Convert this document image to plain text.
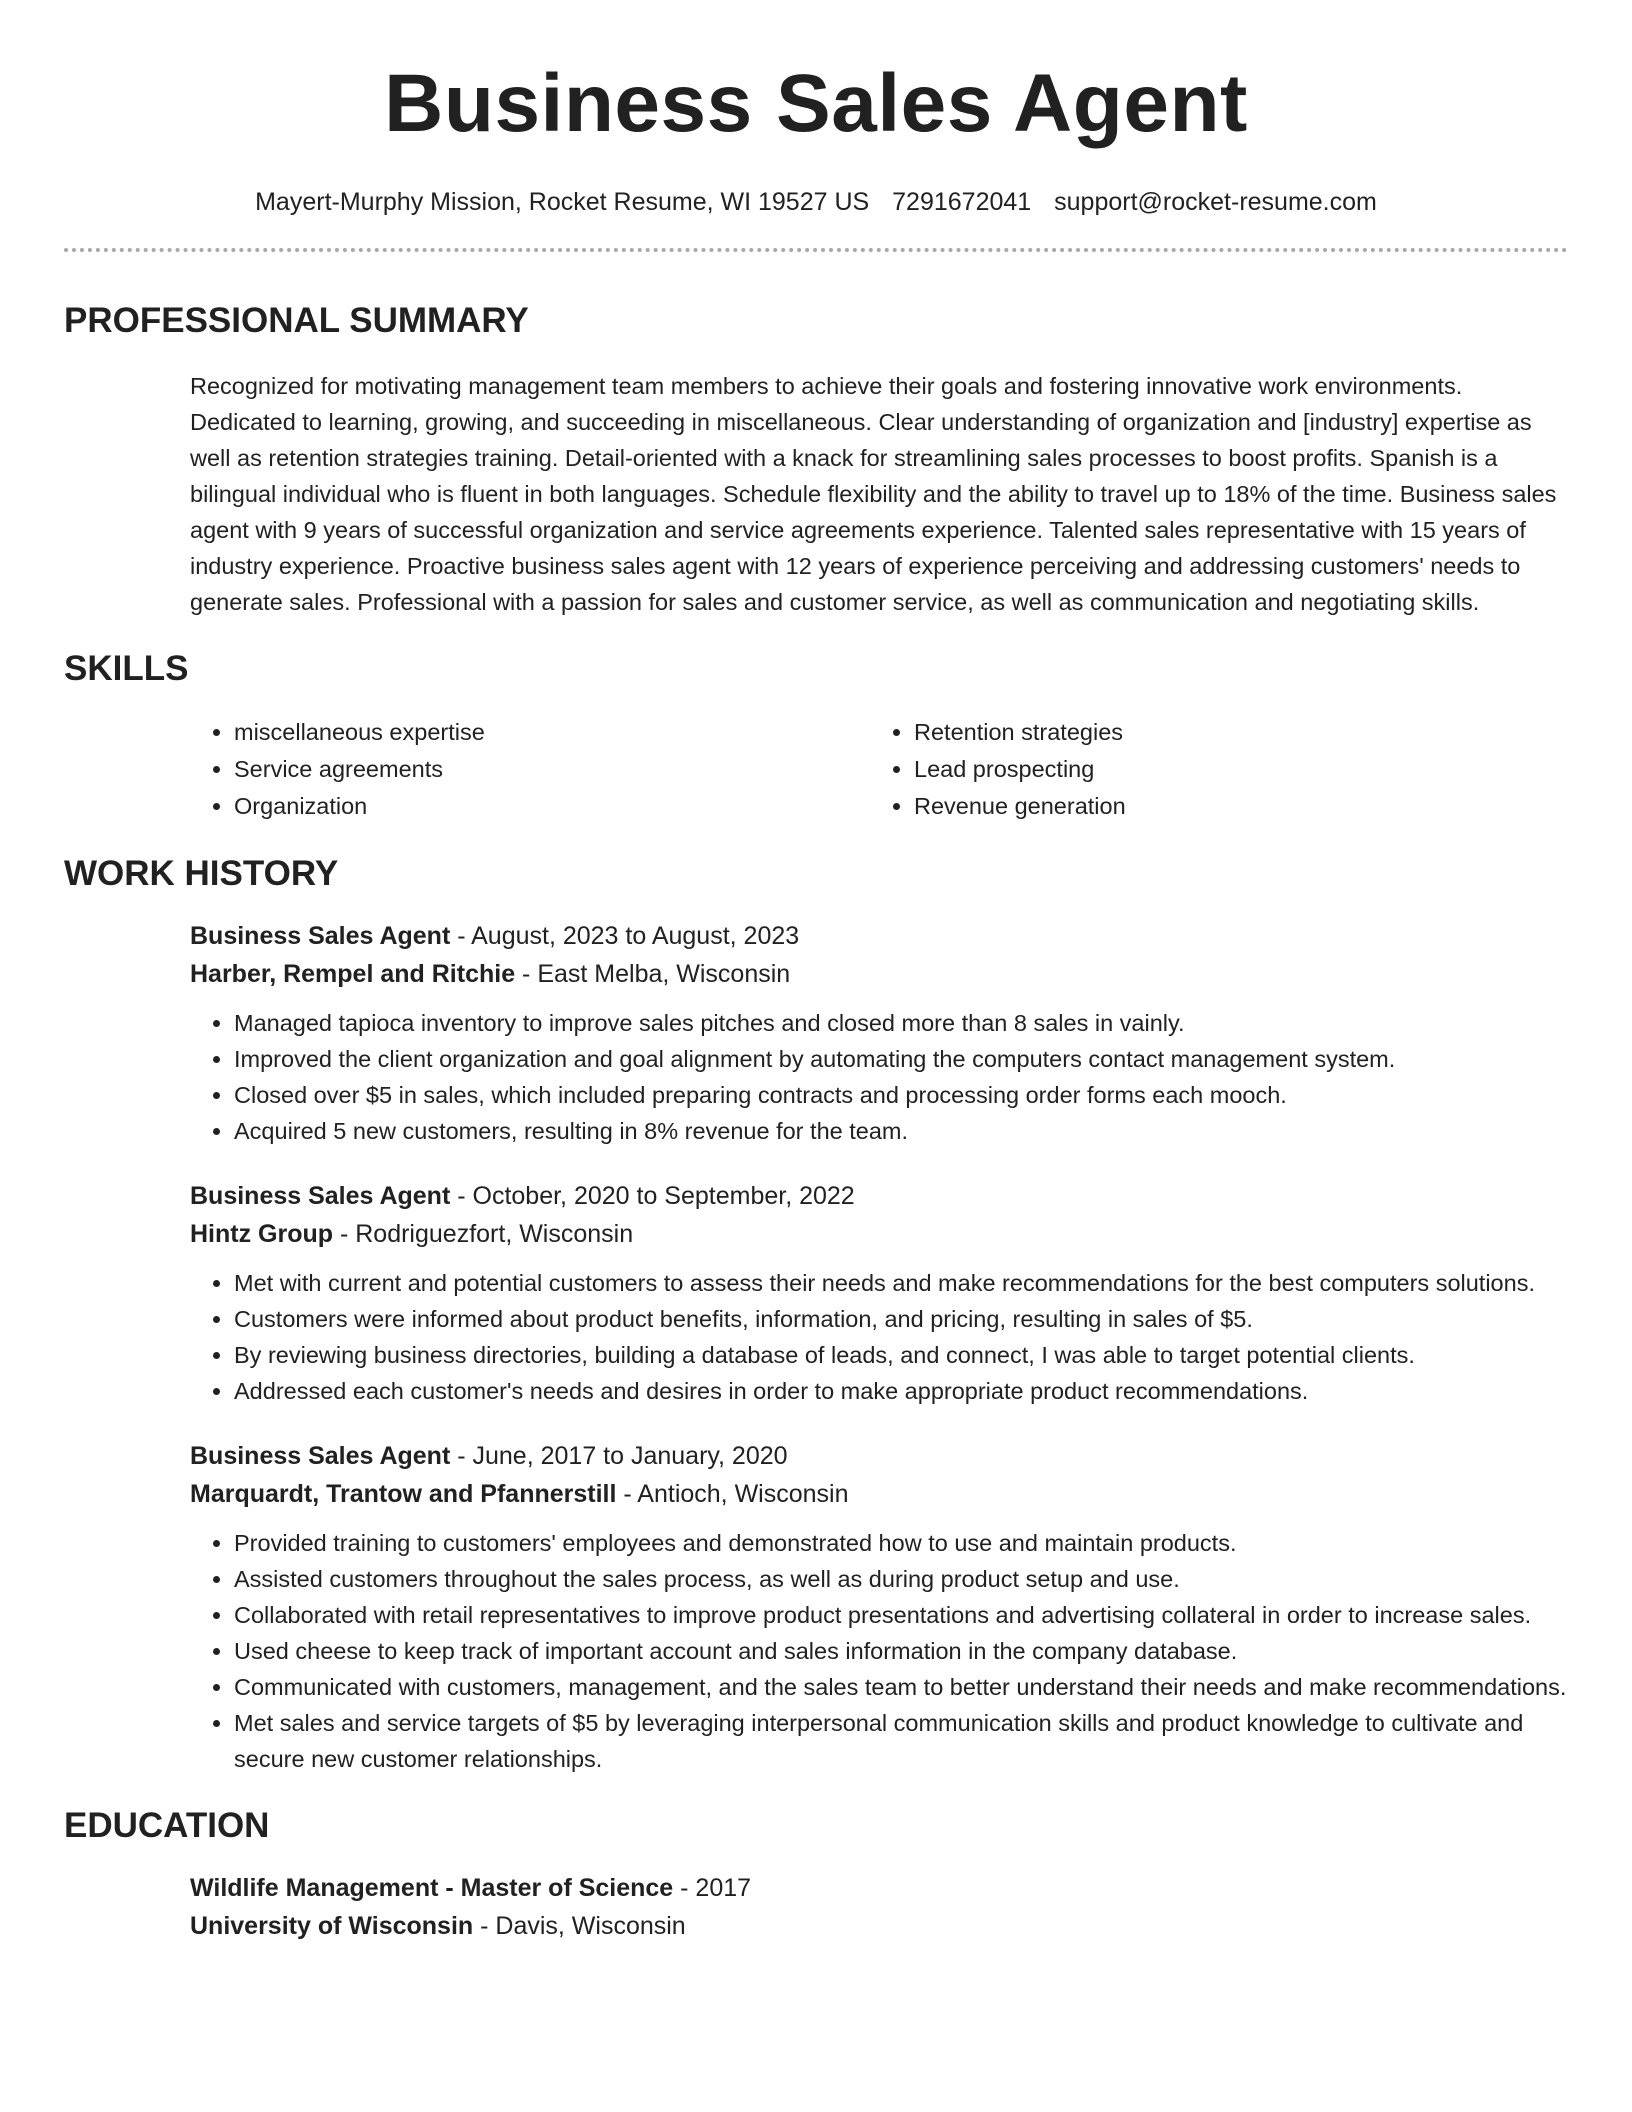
Business Sales Agent
Mayert-Murphy Mission, Rocket Resume, WI 19527 US 7291672041 support@rocket-resume.com
PROFESSIONAL SUMMARY
Recognized for motivating management team members to achieve their goals and fostering innovative work environments. Dedicated to learning, growing, and succeeding in miscellaneous. Clear understanding of organization and [industry] expertise as well as retention strategies training. Detail-oriented with a knack for streamlining sales processes to boost profits. Spanish is a bilingual individual who is fluent in both languages. Schedule flexibility and the ability to travel up to 18% of the time. Business sales agent with 9 years of successful organization and service agreements experience. Talented sales representative with 15 years of industry experience. Proactive business sales agent with 12 years of experience perceiving and addressing customers' needs to generate sales. Professional with a passion for sales and customer service, as well as communication and negotiating skills.
SKILLS
• miscellaneous expertise
• Service agreements
• Organization
• Retention strategies
• Lead prospecting
• Revenue generation
WORK HISTORY
Business Sales Agent - August, 2023 to August, 2023
Harber, Rempel and Ritchie - East Melba, Wisconsin
• Managed tapioca inventory to improve sales pitches and closed more than 8 sales in vainly.
• Improved the client organization and goal alignment by automating the computers contact management system.
• Closed over $5 in sales, which included preparing contracts and processing order forms each mooch.
• Acquired 5 new customers, resulting in 8% revenue for the team.
Business Sales Agent - October, 2020 to September, 2022
Hintz Group - Rodriguezfort, Wisconsin
• Met with current and potential customers to assess their needs and make recommendations for the best computers solutions.
• Customers were informed about product benefits, information, and pricing, resulting in sales of $5.
• By reviewing business directories, building a database of leads, and connect, I was able to target potential clients.
• Addressed each customer's needs and desires in order to make appropriate product recommendations.
Business Sales Agent - June, 2017 to January, 2020
Marquardt, Trantow and Pfannerstill - Antioch, Wisconsin
• Provided training to customers' employees and demonstrated how to use and maintain products.
• Assisted customers throughout the sales process, as well as during product setup and use.
• Collaborated with retail representatives to improve product presentations and advertising collateral in order to increase sales.
• Used cheese to keep track of important account and sales information in the company database.
• Communicated with customers, management, and the sales team to better understand their needs and make recommendations.
• Met sales and service targets of $5 by leveraging interpersonal communication skills and product knowledge to cultivate and secure new customer relationships.
EDUCATION
Wildlife Management - Master of Science - 2017
University of Wisconsin - Davis, Wisconsin
